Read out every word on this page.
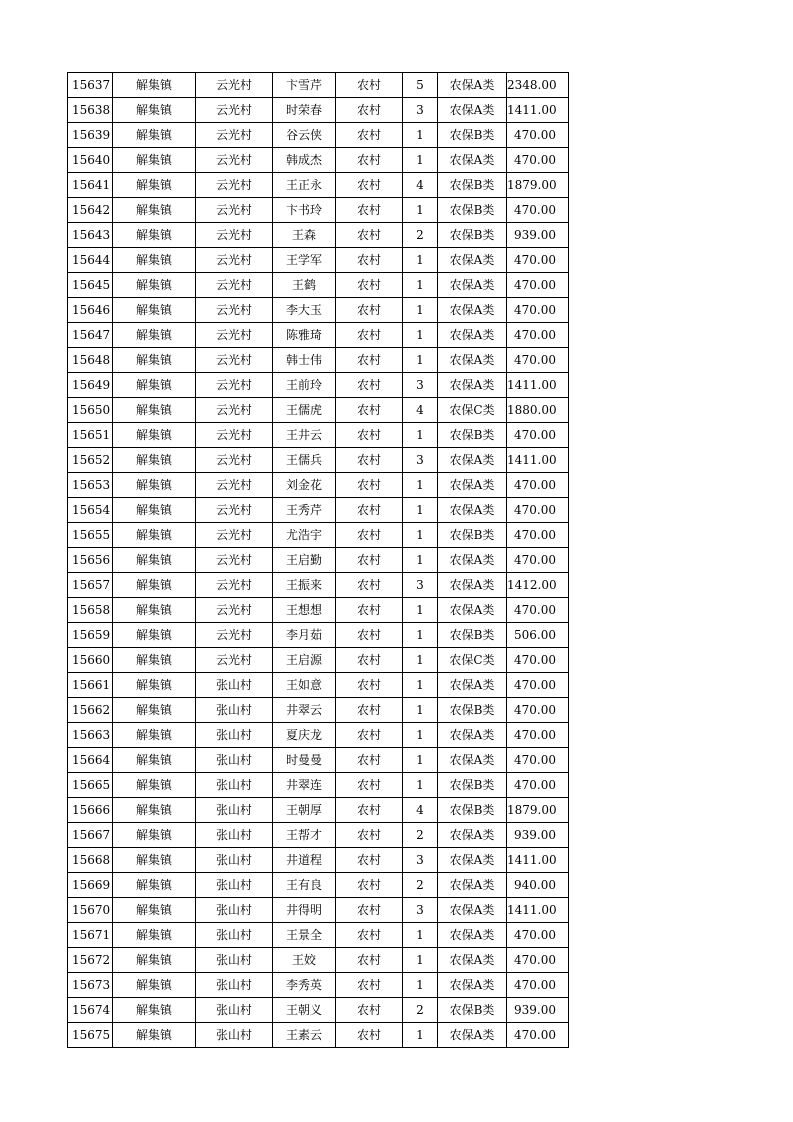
15637	解集镇	云光村	卞雪芹	农村	5	农保A类	2348.00
15638	解集镇	云光村	时荣春	农村	3	农保A类	1411.00
15639	解集镇	云光村	谷云侠	农村	1	农保B类	470.00
15640	解集镇	云光村	韩成杰	农村	1	农保A类	470.00
15641	解集镇	云光村	王正永	农村	4	农保B类	1879.00
15642	解集镇	云光村	卞书玲	农村	1	农保B类	470.00
15643	解集镇	云光村	王森	农村	2	农保B类	939.00
15644	解集镇	云光村	王学军	农村	1	农保A类	470.00
15645	解集镇	云光村	王鹤	农村	1	农保A类	470.00
15646	解集镇	云光村	李大玉	农村	1	农保A类	470.00
15647	解集镇	云光村	陈雅琦	农村	1	农保A类	470.00
15648	解集镇	云光村	韩士伟	农村	1	农保A类	470.00
15649	解集镇	云光村	王前玲	农村	3	农保A类	1411.00
15650	解集镇	云光村	王儒虎	农村	4	农保C类	1880.00
15651	解集镇	云光村	王井云	农村	1	农保B类	470.00
15652	解集镇	云光村	王儒兵	农村	3	农保A类	1411.00
15653	解集镇	云光村	刘金花	农村	1	农保A类	470.00
15654	解集镇	云光村	王秀芹	农村	1	农保A类	470.00
15655	解集镇	云光村	尤浩宇	农村	1	农保B类	470.00
15656	解集镇	云光村	王启勤	农村	1	农保A类	470.00
15657	解集镇	云光村	王振来	农村	3	农保A类	1412.00
15658	解集镇	云光村	王想想	农村	1	农保A类	470.00
15659	解集镇	云光村	李月茹	农村	1	农保B类	506.00
15660	解集镇	云光村	王启源	农村	1	农保C类	470.00
15661	解集镇	张山村	王如意	农村	1	农保A类	470.00
15662	解集镇	张山村	井翠云	农村	1	农保B类	470.00
15663	解集镇	张山村	夏庆龙	农村	1	农保A类	470.00
15664	解集镇	张山村	时曼曼	农村	1	农保A类	470.00
15665	解集镇	张山村	井翠连	农村	1	农保B类	470.00
15666	解集镇	张山村	王朝厚	农村	4	农保B类	1879.00
15667	解集镇	张山村	王帮才	农村	2	农保A类	939.00
15668	解集镇	张山村	井道程	农村	3	农保A类	1411.00
15669	解集镇	张山村	王有良	农村	2	农保A类	940.00
15670	解集镇	张山村	井得明	农村	3	农保A类	1411.00
15671	解集镇	张山村	王景全	农村	1	农保A类	470.00
15672	解集镇	张山村	王姣	农村	1	农保A类	470.00
15673	解集镇	张山村	李秀英	农村	1	农保A类	470.00
15674	解集镇	张山村	王朝义	农村	2	农保B类	939.00
15675	解集镇	张山村	王素云	农村	1	农保A类	470.00
